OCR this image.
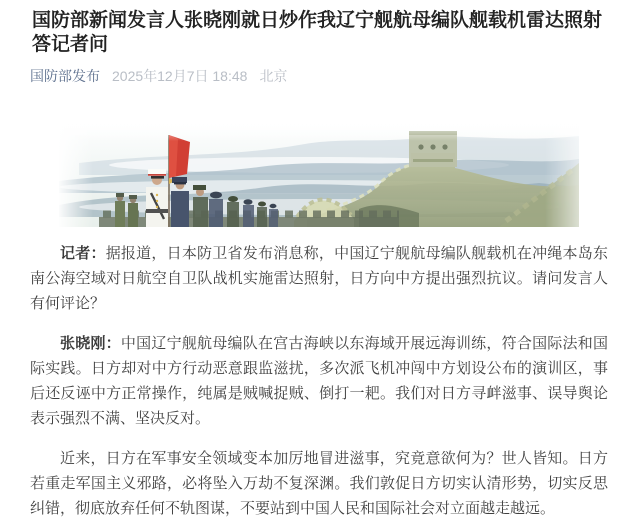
国防部新闻发言人张晓刚就日炒作我辽宁舰航母编队舰载机雷达照射答记者问
国防部发布 2025年12月7日 18:48 北京

记者：据报道，日本防卫省发布消息称，中国辽宁舰航母编队舰载机在冲绳本岛东南公海空域对日航空自卫队战机实施雷达照射，日方向中方提出强烈抗议。请问发言人有何评论？

张晓刚：中国辽宁舰航母编队在宫古海峡以东海域开展远海训练，符合国际法和国际实践。日方却对中方行动恶意跟监滋扰，多次派飞机冲闯中方划设公布的演训区，事后还反诬中方正常操作，纯属是贼喊捉贼、倒打一耙。我们对日方寻衅滋事、误导舆论表示强烈不满、坚决反对。

近来，日方在军事安全领域变本加厉地冒进滋事，究竟意欲何为？世人皆知。日方若重走军国主义邪路，必将坠入万劫不复深渊。我们敦促日方切实认清形势，切实反思纠错，彻底放弃任何不轨图谋，不要站到中国人民和国际社会对立面越走越远。
